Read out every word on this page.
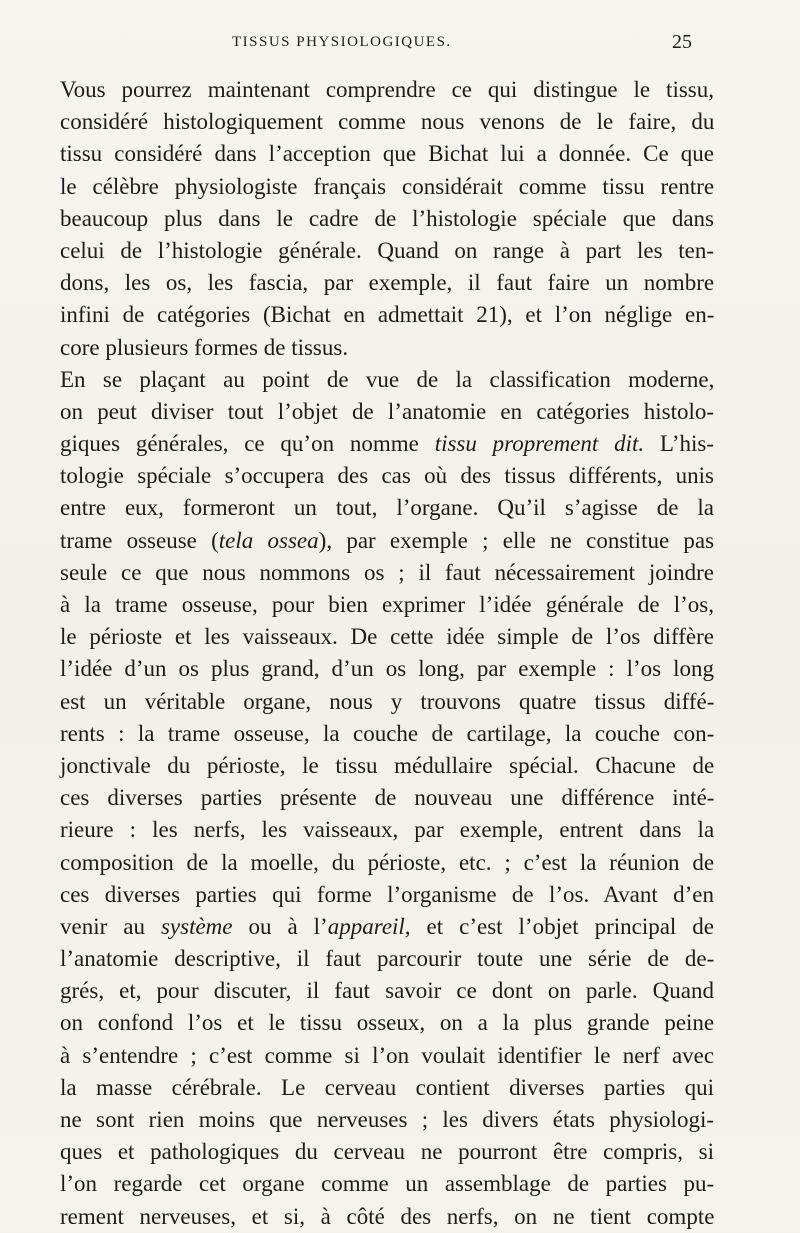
TISSUS PHYSIOLOGIQUES.	25
Vous pourrez maintenant comprendre ce qui distingue le tissu,
considéré histologiquement comme nous venons de le faire, du
tissu considéré dans l’acception que Bichat lui a donnée. Ce que
le célèbre physiologiste français considérait comme tissu rentre
beaucoup plus dans le cadre de l’histologie spéciale que dans
celui de l’histologie générale. Quand on range à part les ten-
dons, les os, les fascia, par exemple, il faut faire un nombre
infini de catégories (Bichat en admettait 21), et l’on néglige en-
core plusieurs formes de tissus.
En se plaçant au point de vue de la classification moderne,
on peut diviser tout l’objet de l’anatomie en catégories histolo-
giques générales, ce qu’on nomme tissu proprement dit. L’his-
tologie spéciale s’occupera des cas où des tissus différents, unis
entre eux, formeront un tout, l’organe. Qu’il s’agisse de la
trame osseuse (tela ossea), par exemple ; elle ne constitue pas
seule ce que nous nommons os ; il faut nécessairement joindre
à la trame osseuse, pour bien exprimer l’idée générale de l’os,
le périoste et les vaisseaux. De cette idée simple de l’os diffère
l’idée d’un os plus grand, d’un os long, par exemple : l’os long
est un véritable organe, nous y trouvons quatre tissus diffé-
rents : la trame osseuse, la couche de cartilage, la couche con-
jonctivale du périoste, le tissu médullaire spécial. Chacune de
ces diverses parties présente de nouveau une différence inté-
rieure : les nerfs, les vaisseaux, par exemple, entrent dans la
composition de la moelle, du périoste, etc. ; c’est la réunion de
ces diverses parties qui forme l’organisme de l’os. Avant d’en
venir au système ou à l’appareil, et c’est l’objet principal de
l’anatomie descriptive, il faut parcourir toute une série de de-
grés, et, pour discuter, il faut savoir ce dont on parle. Quand
on confond l’os et le tissu osseux, on a la plus grande peine
à s’entendre ; c’est comme si l’on voulait identifier le nerf avec
la masse cérébrale. Le cerveau contient diverses parties qui
ne sont rien moins que nerveuses ; les divers états physiologi-
ques et pathologiques du cerveau ne pourront être compris, si
l’on regarde cet organe comme un assemblage de parties pu-
rement nerveuses, et si, à côté des nerfs, on ne tient compte
